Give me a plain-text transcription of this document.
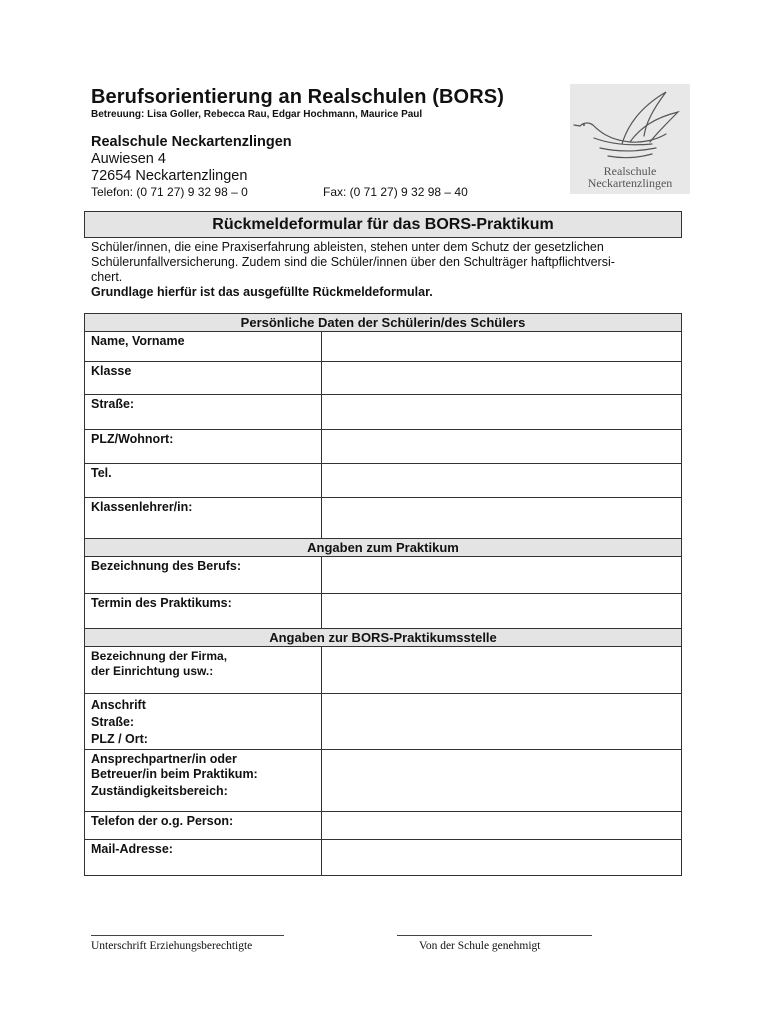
Berufsorientierung an Realschulen (BORS)
Betreuung: Lisa Goller, Rebecca Rau, Edgar Hochmann, Maurice Paul
Realschule Neckartenzlingen
Auwiesen 4
72654 Neckartenzlingen
Telefon: (0 71 27) 9 32 98 – 0	Fax: (0 71 27) 9 32 98 – 40
Realschule
Neckartenzlingen
Rückmeldeformular für das BORS-Praktikum

Schüler/innen, die eine Praxiserfahrung ableisten, stehen unter dem Schutz der gesetzlichen

Schülerunfallversicherung. Zudem sind die Schüler/innen über den Schulträger haftpflichtversi-

chert.

Grundlage hierfür ist das ausgefüllte Rückmeldeformular.

Persönliche Daten der Schülerin/des Schülers	
Name, Vorname	
Klasse	
Straße:	
PLZ/Wohnort:	
Tel.	
Klassenlehrer/in:	
Angaben zum Praktikum	
Bezeichnung des Berufs:	
Termin des Praktikums:	
Angaben zur BORS-Praktikumsstelle	

Bezeichnung der Firma,
der Einrichtung usw.:	

Anschrift
Straße:
PLZ / Ort:	

Ansprechpartner/in oder
Betreuer/in beim Praktikum:
Zuständigkeitsbereich:	

Telefon der o.g. Person:	
Mail-Adresse:	
Unterschrift Erziehungsberechtigte	Von der Schule genehmigt
